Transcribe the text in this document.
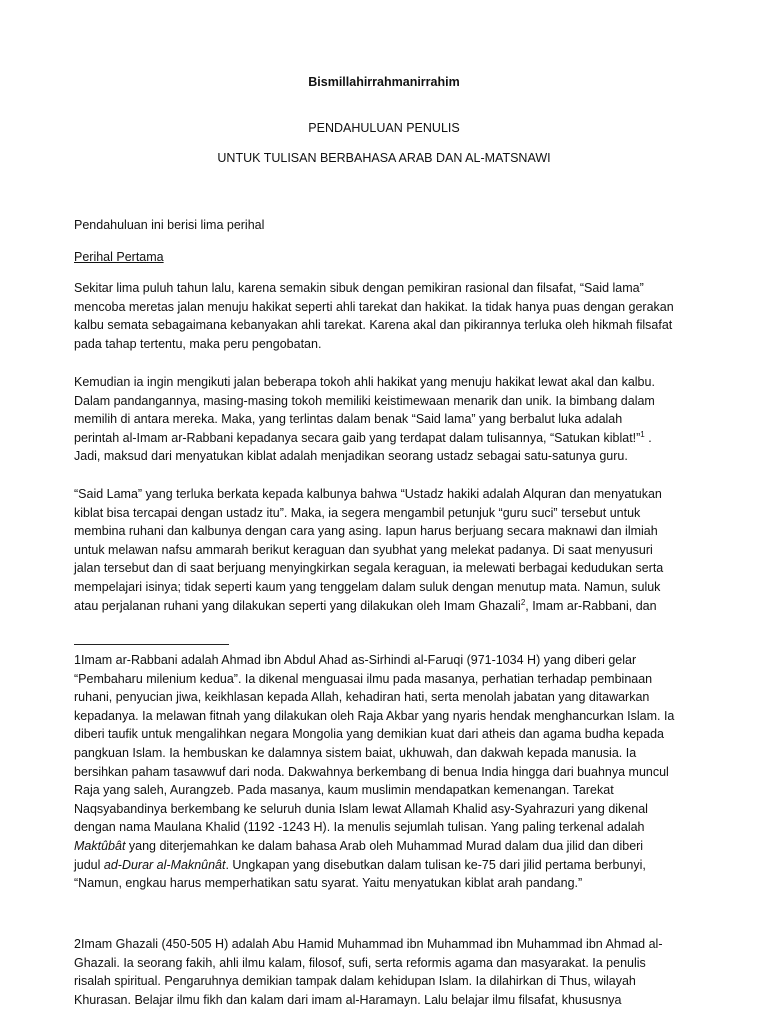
Bismillahirrahmanirrahim
PENDAHULUAN PENULIS
UNTUK TULISAN BERBAHASA ARAB DAN AL-MATSNAWI
Pendahuluan ini berisi lima perihal
Perihal Pertama
Sekitar lima puluh tahun lalu, karena semakin sibuk dengan pemikiran rasional dan filsafat, “Said lama”
mencoba meretas jalan menuju hakikat seperti ahli tarekat dan hakikat. Ia tidak hanya puas dengan gerakan
kalbu semata sebagaimana kebanyakan ahli tarekat. Karena akal dan pikirannya terluka oleh hikmah filsafat
pada tahap tertentu, maka peru pengobatan.
Kemudian ia ingin mengikuti jalan beberapa tokoh ahli hakikat yang menuju hakikat lewat akal dan kalbu.
Dalam pandangannya, masing-masing tokoh memiliki keistimewaan menarik dan unik. Ia bimbang dalam
memilih di antara mereka. Maka, yang terlintas dalam benak “Said lama” yang berbalut luka adalah
perintah al-Imam ar-Rabbani kepadanya secara gaib yang terdapat dalam tulisannya, “Satukan kiblat!”$^1$ .
Jadi, maksud dari menyatukan kiblat adalah menjadikan seorang ustadz sebagai satu-satunya guru.
“Said Lama” yang terluka berkata kepada kalbunya bahwa “Ustadz hakiki adalah Alquran dan menyatukan
kiblat bisa tercapai dengan ustadz itu”. Maka, ia segera mengambil petunjuk “guru suci” tersebut untuk
membina ruhani dan kalbunya dengan cara yang asing. Iapun harus berjuang secara maknawi dan ilmiah
untuk melawan nafsu ammarah berikut keraguan dan syubhat yang melekat padanya. Di saat menyusuri
jalan tersebut dan di saat berjuang menyingkirkan segala keraguan, ia melewati berbagai kedudukan serta
mempelajari isinya; tidak seperti kaum yang tenggelam dalam suluk dengan menutup mata. Namun, suluk
atau perjalanan ruhani yang dilakukan seperti yang dilakukan oleh Imam Ghazali$^2$, Imam ar-Rabbani, dan
1Imam ar-Rabbani adalah Ahmad ibn Abdul Ahad as-Sirhindi al-Faruqi (971-1034 H) yang diberi gelar
“Pembaharu milenium kedua”. Ia dikenal menguasai ilmu pada masanya, perhatian terhadap pembinaan
ruhani, penyucian jiwa, keikhlasan kepada Allah, kehadiran hati, serta menolah jabatan yang ditawarkan
kepadanya. Ia melawan fitnah yang dilakukan oleh Raja Akbar yang nyaris hendak menghancurkan Islam. Ia
diberi taufik untuk mengalihkan negara Mongolia yang demikian kuat dari atheis dan agama budha kepada
pangkuan Islam. Ia hembuskan ke dalamnya sistem baiat, ukhuwah, dan dakwah kepada manusia. Ia
bersihkan paham tasawwuf dari noda. Dakwahnya berkembang di benua India hingga dari buahnya muncul
Raja yang saleh, Aurangzeb. Pada masanya, kaum muslimin mendapatkan kemenangan. Tarekat
Naqsyabandinya berkembang ke seluruh dunia Islam lewat Allamah Khalid asy-Syahrazuri yang dikenal
dengan nama Maulana Khalid (1192 -1243 H). Ia menulis sejumlah tulisan. Yang paling terkenal adalah
Maktûbât yang diterjemahkan ke dalam bahasa Arab oleh Muhammad Murad dalam dua jilid dan diberi
judul ad-Durar al-Maknûnât. Ungkapan yang disebutkan dalam tulisan ke-75 dari jilid pertama berbunyi,
“Namun, engkau harus memperhatikan satu syarat. Yaitu menyatukan kiblat arah pandang.”
2Imam Ghazali (450-505 H) adalah Abu Hamid Muhammad ibn Muhammad ibn Muhammad ibn Ahmad al-
Ghazali. Ia seorang fakih, ahli ilmu kalam, filosof, sufi, serta reformis agama dan masyarakat. Ia penulis
risalah spiritual. Pengaruhnya demikian tampak dalam kehidupan Islam. Ia dilahirkan di Thus, wilayah
Khurasan. Belajar ilmu fikh dan kalam dari imam al-Haramayn. Lalu belajar ilmu filsafat, khususnya
